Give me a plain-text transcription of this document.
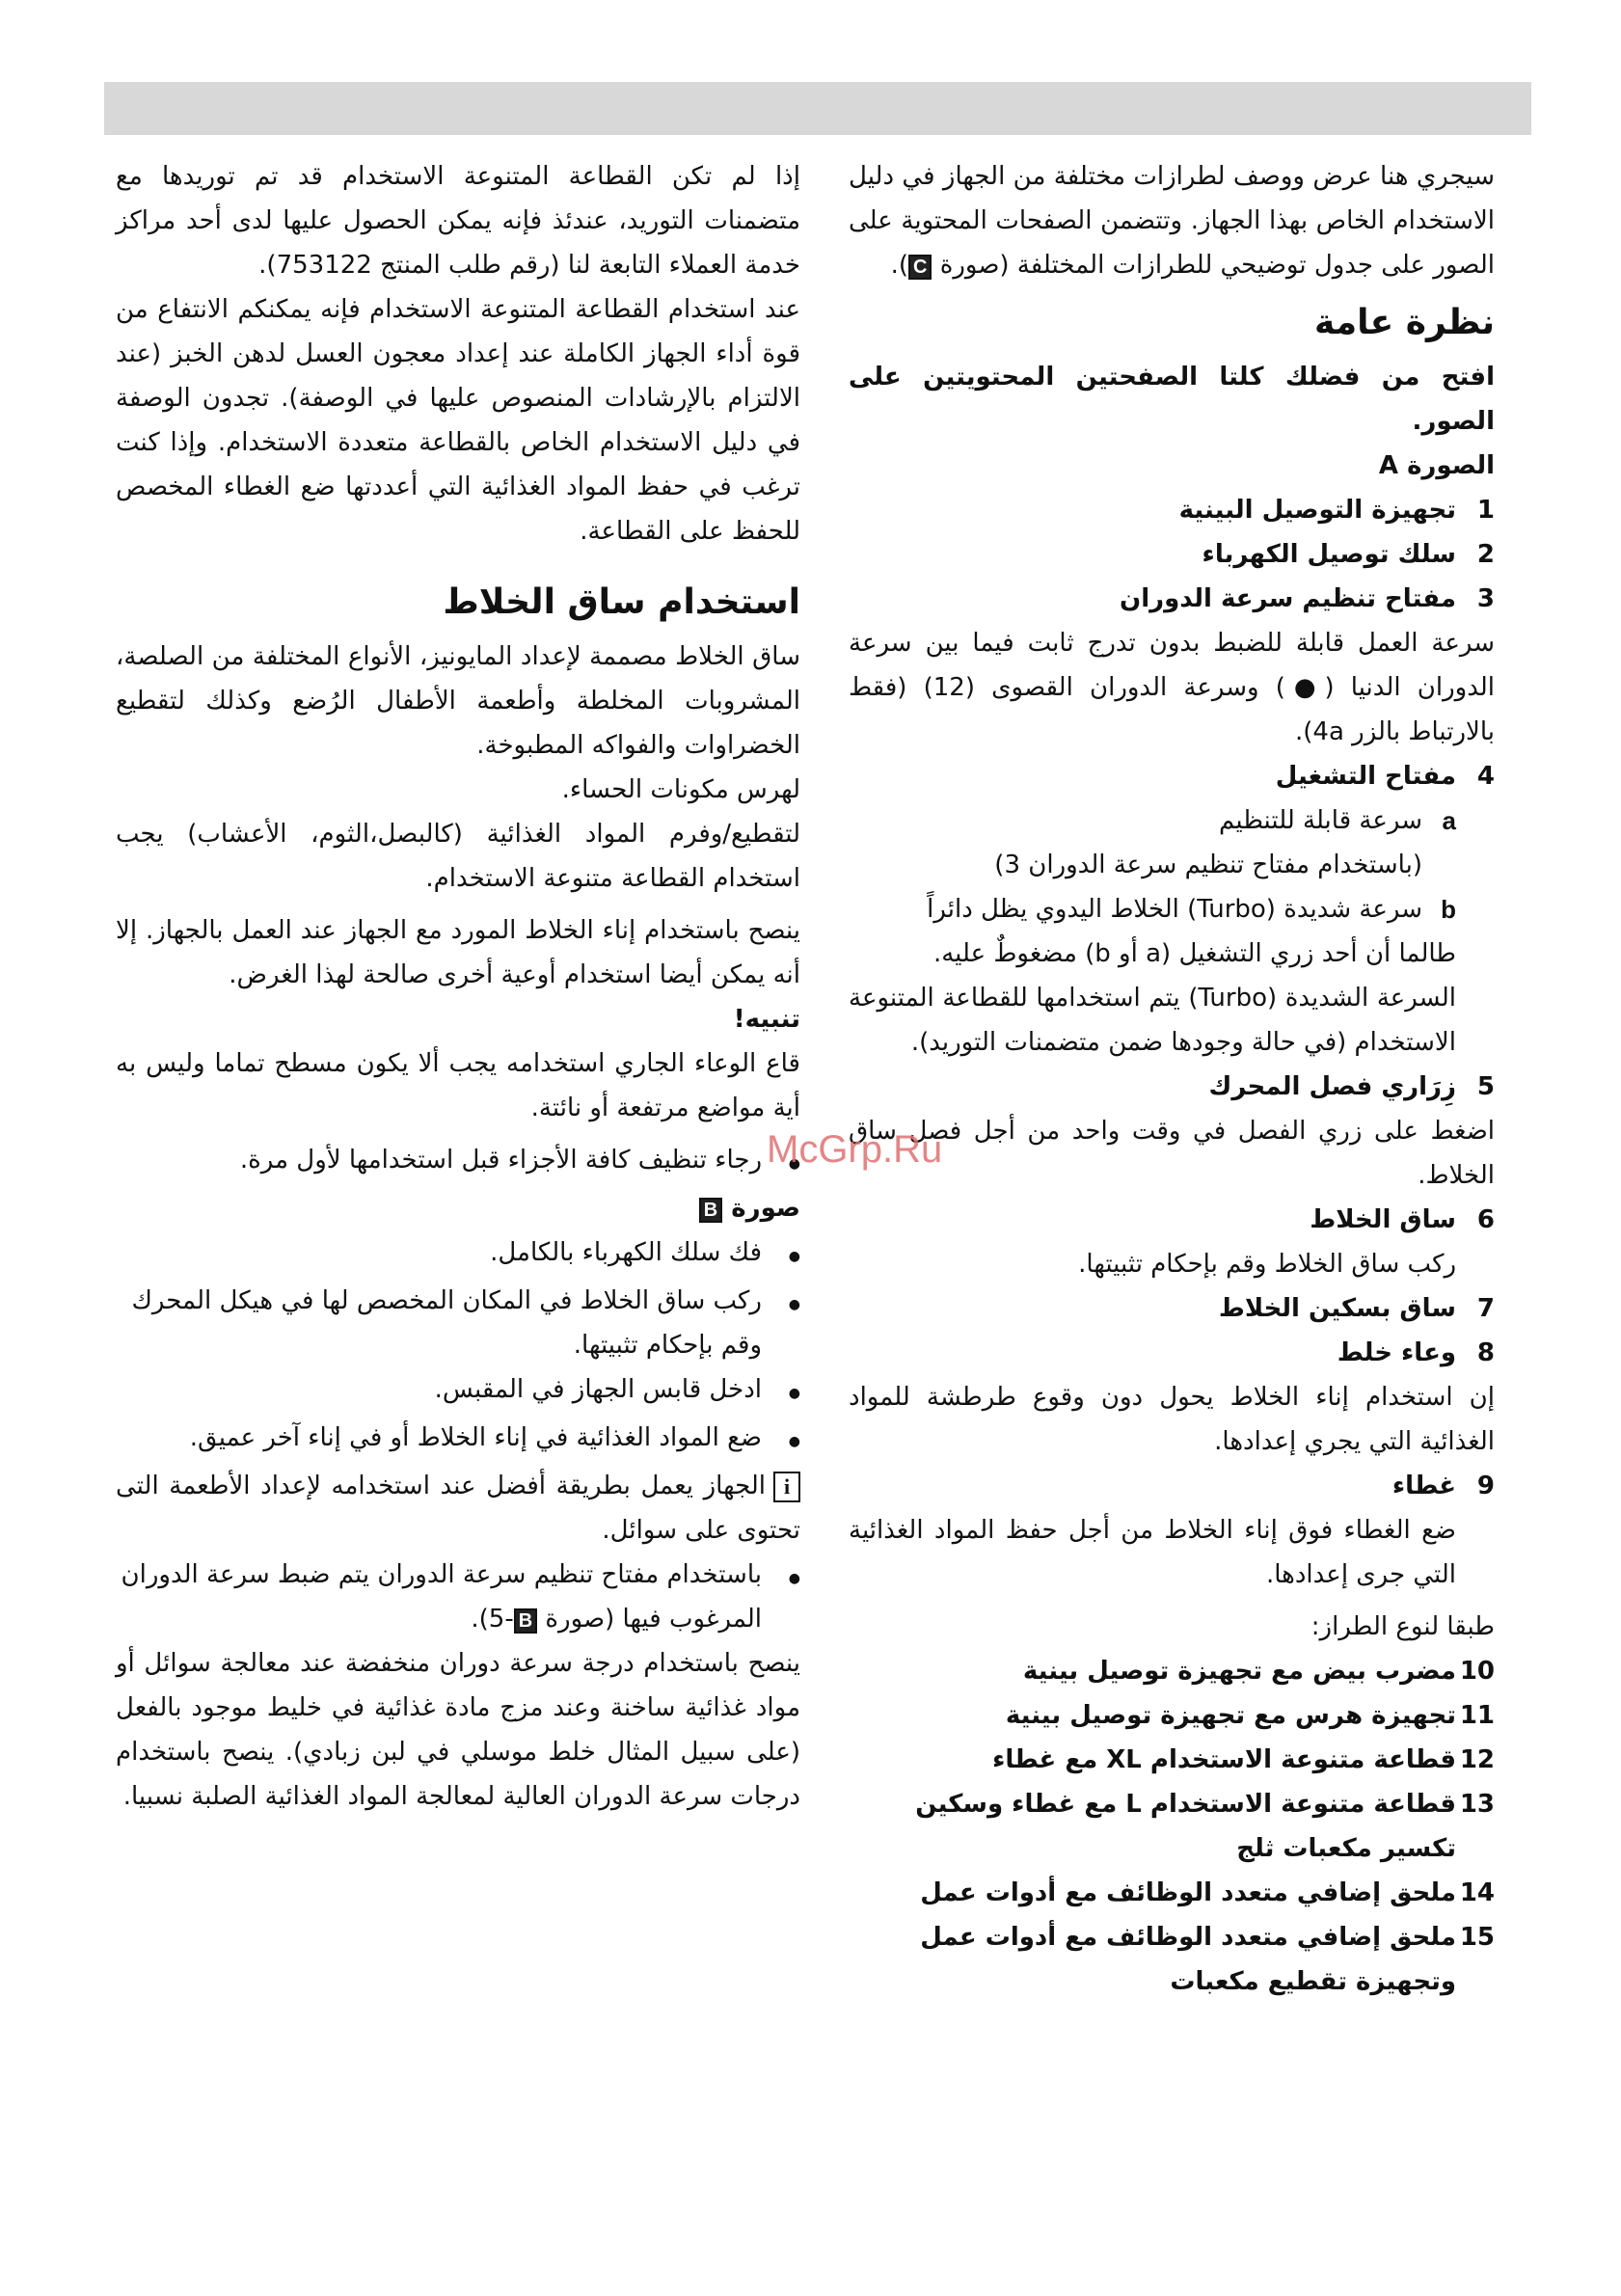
سيجري هنا عرض ووصف لطرازات مختلفة من الجهاز في دليل الاستخدام الخاص بهذا الجهاز. وتتضمن الصفحات المحتوية على الصور على جدول توضيحي للطرازات المختلفة (صورة C).

نظرة عامة

افتح من فضلك كلتا الصفحتين المحتويتين على الصور.

الصورة A

1
تجهيزة التوصيل البينية
2
سلك توصيل الكهرباء
3
مفتاح تنظيم سرعة الدوران

سرعة العمل قابلة للضبط بدون تدرج ثابت فيما بين سرعة الدوران الدنيا (●) وسرعة الدوران القصوى (12) (فقط بالارتباط بالزر 4a).

4
مفتاح التشغيل
a
سرعة قابلة للتنظيم

(باستخدام مفتاح تنظيم سرعة الدوران 3)

b
سرعة شديدة (Turbo) الخلاط اليدوي يظل دائراً

طالما أن أحد زري التشغيل (a أو b) مضغوطٌ عليه.

السرعة الشديدة (Turbo) يتم استخدامها للقطاعة المتنوعة الاستخدام (في حالة وجودها ضمن متضمنات التوريد).

5
زِرَاري فصل المحرك

اضغط على زري الفصل في وقت واحد من أجل فصل ساق الخلاط.

6
ساق الخلاط

ركب ساق الخلاط وقم بإحكام تثبيتها.

7
ساق بسكين الخلاط
8
وعاء خلط

إن استخدام إناء الخلاط يحول دون وقوع طرطشة للمواد الغذائية التي يجري إعدادها.

9
غطاء

ضع الغطاء فوق إناء الخلاط من أجل حفظ المواد الغذائية التي جرى إعدادها.

طبقا لنوع الطراز:

10
مضرب بيض مع تجهيزة توصيل بينية
11
تجهيزة هرس مع تجهيزة توصيل بينية
12
قطاعة متنوعة الاستخدام XL مع غطاء
13
قطاعة متنوعة الاستخدام L مع غطاء وسكين تكسير مكعبات ثلج
14
ملحق إضافي متعدد الوظائف مع أدوات عمل
15
ملحق إضافي متعدد الوظائف مع أدوات عمل وتجهيزة تقطيع مكعبات

إذا لم تكن القطاعة المتنوعة الاستخدام قد تم توريدها مع متضمنات التوريد، عندئذ فإنه يمكن الحصول عليها لدى أحد مراكز خدمة العملاء التابعة لنا (رقم طلب المنتج 753122).

عند استخدام القطاعة المتنوعة الاستخدام فإنه يمكنكم الانتفاع من قوة أداء الجهاز الكاملة عند إعداد معجون العسل لدهن الخبز (عند الالتزام بالإرشادات المنصوص عليها في الوصفة). تجدون الوصفة في دليل الاستخدام الخاص بالقطاعة متعددة الاستخدام. وإذا كنت ترغب في حفظ المواد الغذائية التي أعددتها ضع الغطاء المخصص للحفظ على القطاعة.

استخدام ساق الخلاط

ساق الخلاط مصممة لإعداد المايونيز، الأنواع المختلفة من الصلصة، المشروبات المخلطة وأطعمة الأطفال الرُضع وكذلك لتقطيع الخضراوات والفواكه المطبوخة.

لهرس مكونات الحساء.

لتقطيع/وفرم المواد الغذائية (كالبصل،الثوم، الأعشاب) يجب استخدام القطاعة متنوعة الاستخدام.

ينصح باستخدام إناء الخلاط المورد مع الجهاز عند العمل بالجهاز. إلا أنه يمكن أيضا استخدام أوعية أخرى صالحة لهذا الغرض.

تنبيه!

قاع الوعاء الجاري استخدامه يجب ألا يكون مسطح تماما وليس به أية مواضع مرتفعة أو نائتة.

●
رجاء تنظيف كافة الأجزاء قبل استخدامها لأول مرة.

صورة B

●
فك سلك الكهرباء بالكامل.
●
ركب ساق الخلاط في المكان المخصص لها في هيكل المحرك وقم بإحكام تثبيتها.
●
ادخل قابس الجهاز في المقبس.
●
ضع المواد الغذائية في إناء الخلاط أو في إناء آخر عميق.

iالجهاز يعمل بطريقة أفضل عند استخدامه لإعداد الأطعمة التى تحتوى على سوائل.

●
باستخدام مفتاح تنظيم سرعة الدوران يتم ضبط سرعة الدوران المرغوب فيها (صورة B-5).

ينصح باستخدام درجة سرعة دوران منخفضة عند معالجة سوائل أو مواد غذائية ساخنة وعند مزج مادة غذائية في خليط موجود بالفعل (على سبيل المثال خلط موسلي في لبن زبادي). ينصح باستخدام درجات سرعة الدوران العالية لمعالجة المواد الغذائية الصلبة نسبيا.

McGrp.Ru
